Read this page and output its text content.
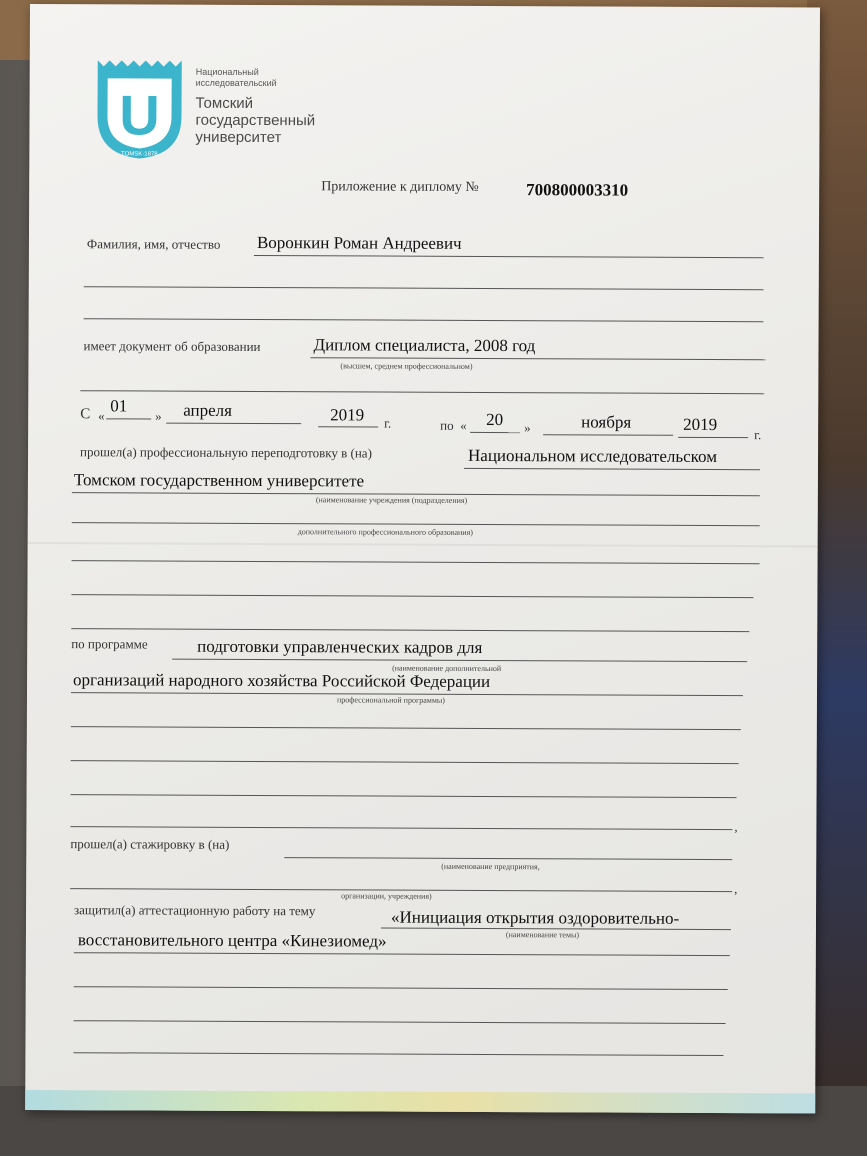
U
TOMSK·1878
Национальный
исследовательский
Томский
государственный
университет
Приложение к диплому №	700800003310
Фамилия, имя, отчество Воронкин Роман Андреевич
имеет документ об образовании	Диплом специалиста, 2008 год
(высшем, среднем профессиональном)
С «
01
» апреля	2019 г.	по « 20 »	ноября	2019
г.
прошел(а) профессиональную переподготовку в (на)	Национальном исследовательском
Томском государственном университете
(наименование учреждения (подразделения)
дополнительного профессионального образования)
по программе	подготовки управленческих кадров для
(наименование дополнительной
организаций народного хозяйства Российской Федерации
профессиональной программы)
,
прошел(а) стажировку в (на)
(наименование предприятия,
организации, учреждения)	,
защитил(а) аттестационную работу на тему	«Инициация открытия оздоровительно-
(наименование темы)
восстановительного центра «Кинезиомед»
